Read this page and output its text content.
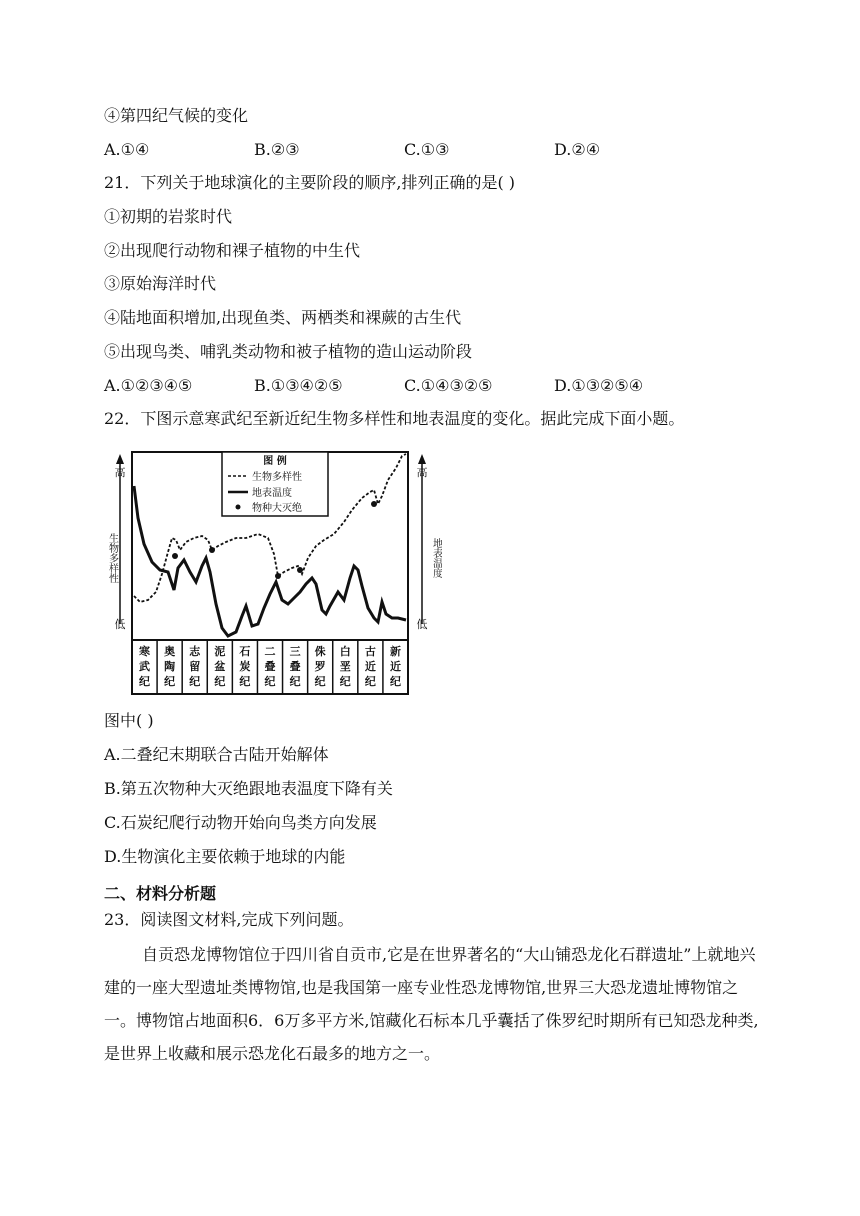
④第四纪气候的变化
A.①④	B.②③	C.①③	D.②④
21．下列关于地球演化的主要阶段的顺序,排列正确的是( )
①初期的岩浆时代
②出现爬行动物和裸子植物的中生代
③原始海洋时代
④陆地面积增加,出现鱼类、两栖类和裸蕨的古生代
⑤出现鸟类、哺乳类动物和被子植物的造山运动阶段
A.①②③④⑤	B.①③④②⑤	C.①④③②⑤	D.①③②⑤④
22．下图示意寒武纪至新近纪生物多样性和地表温度的变化。据此完成下面小题。
寒武纪
奥陶纪
志留纪
泥盆纪
石炭纪
二叠纪
三叠纪
侏罗纪
白垩纪
古近纪
新近纪
高
低
生物多样性
高
低
地表温度
图 例
生物多样性
地表温度
物种大灭绝
图中( )
A.二叠纪末期联合古陆开始解体
B.第五次物种大灭绝跟地表温度下降有关
C.石炭纪爬行动物开始向鸟类方向发展
D.生物演化主要依赖于地球的内能
二、材料分析题
23．阅读图文材料,完成下列问题。
自贡恐龙博物馆位于四川省自贡市,它是在世界著名的“大山铺恐龙化石群遗址”上就地兴建的一座大型遗址类博物馆,也是我国第一座专业性恐龙博物馆,世界三大恐龙遗址博物馆之一。博物馆占地面积6．6万多平方米,馆藏化石标本几乎囊括了侏罗纪时期所有已知恐龙种类,是世界上收藏和展示恐龙化石最多的地方之一。
